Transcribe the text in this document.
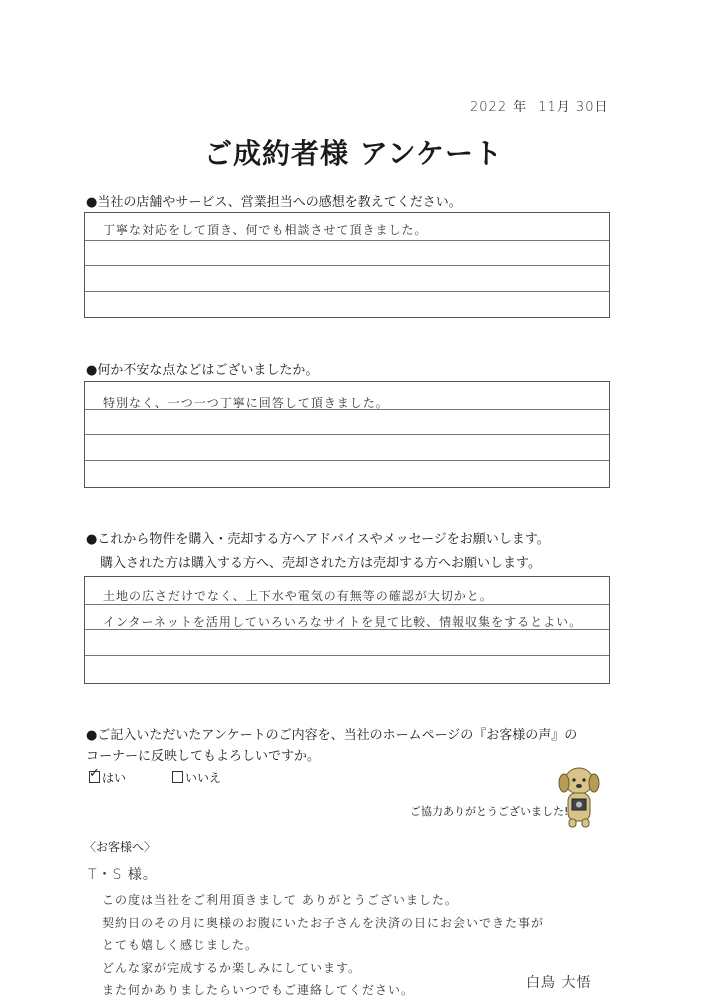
2022 年 11月 30日
ご成約者様 アンケート
●当社の店舗やサービス、営業担当への感想を教えてください。
丁寧な対応をして頂き、何でも相談させて頂きました。
●何か不安な点などはございましたか。
特別なく、一つ一つ丁寧に回答して頂きました。
●これから物件を購入・売却する方へアドバイスやメッセージをお願いします。
購入された方は購入する方へ、売却された方は売却する方へお願いします。
土地の広さだけでなく、上下水や電気の有無等の確認が大切かと。
インターネットを活用していろいろなサイトを見て比較、情報収集をするとよい。
●ご記入いただいたアンケートのご内容を、当社のホームページの『お客様の声』の
コーナーに反映してもよろしいですか。
✓はい	いいえ
ご協力ありがとうございました!
〈お客様へ〉
T・S 様。
この度は当社をご利用頂きまして ありがとうございました。
契約日のその月に奥様のお腹にいたお子さんを決済の日にお会いできた事が
とても嬉しく感じました。
どんな家が完成するか楽しみにしています。
また何かありましたらいつでもご連絡してください。	白鳥 大悟
